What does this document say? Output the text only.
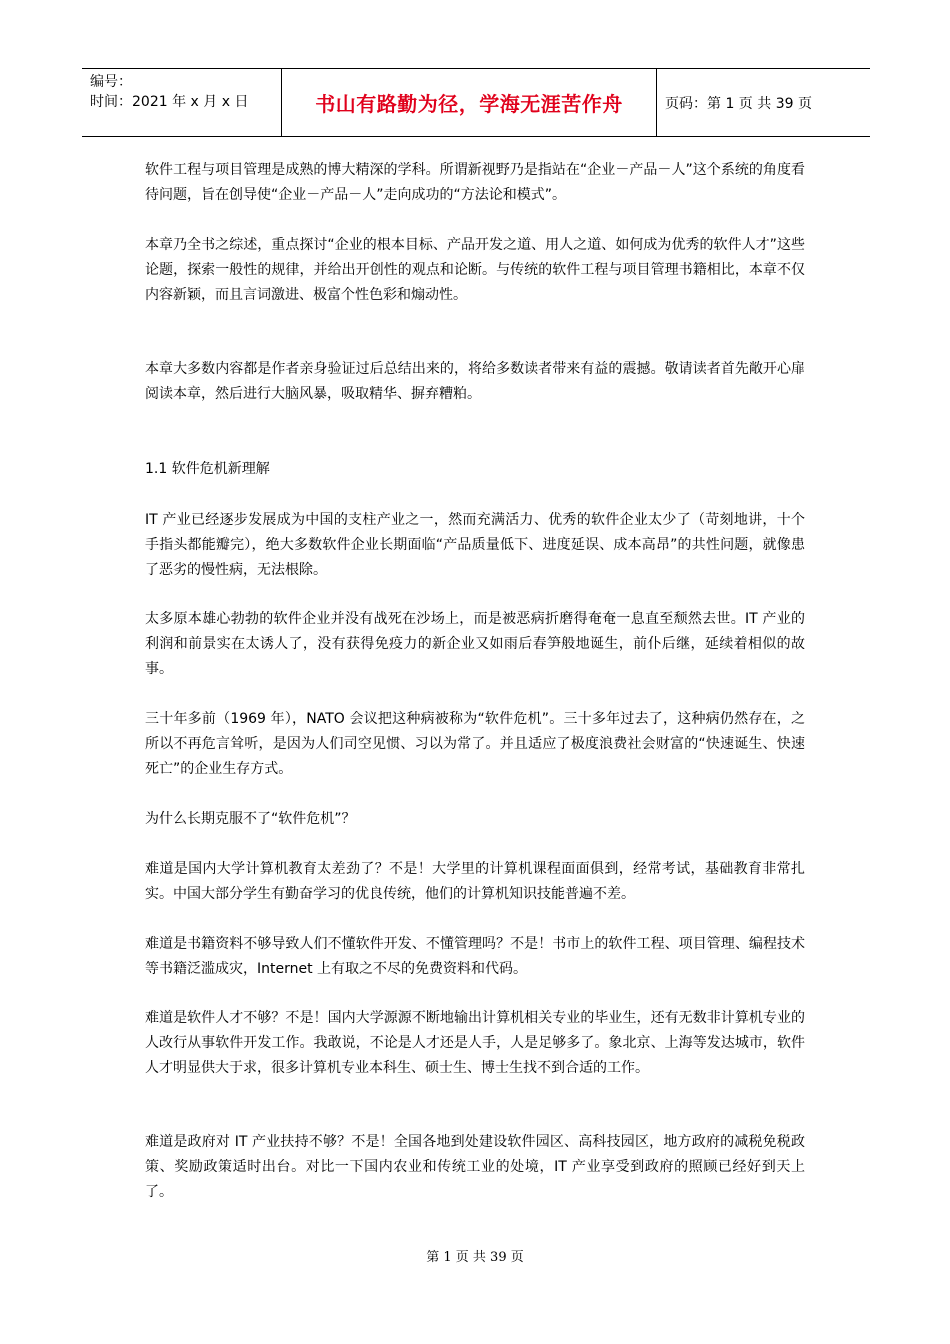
编号：
时间：2021 年 x 月 x 日	书山有路勤为径，学海无涯苦作舟	页码：第 1 页 共 39 页
软件工程与项目管理是成熟的博大精深的学科。所谓新视野乃是指站在“企业－产品－人”这个系统的角度看待问题，旨在创导使“企业－产品－人”走向成功的“方法论和模式”。
本章乃全书之综述，重点探讨“企业的根本目标、产品开发之道、用人之道、如何成为优秀的软件人才”这些论题，探索一般性的规律，并给出开创性的观点和论断。与传统的软件工程与项目管理书籍相比，本章不仅内容新颖，而且言词激进、极富个性色彩和煽动性。
本章大多数内容都是作者亲身验证过后总结出来的，将给多数读者带来有益的震撼。敬请读者首先敞开心扉阅读本章，然后进行大脑风暴，吸取精华、摒弃糟粕。
1.1 软件危机新理解
IT 产业已经逐步发展成为中国的支柱产业之一，然而充满活力、优秀的软件企业太少了（苛刻地讲，十个手指头都能瓣完），绝大多数软件企业长期面临“产品质量低下、进度延误、成本高昂”的共性问题，就像患了恶劣的慢性病，无法根除。
太多原本雄心勃勃的软件企业并没有战死在沙场上，而是被恶病折磨得奄奄一息直至颓然去世。IT 产业的利润和前景实在太诱人了，没有获得免疫力的新企业又如雨后春笋般地诞生，前仆后继，延续着相似的故事。
三十年多前（1969 年），NATO 会议把这种病被称为“软件危机”。三十多年过去了，这种病仍然存在，之所以不再危言耸听，是因为人们司空见惯、习以为常了。并且适应了极度浪费社会财富的“快速诞生、快速死亡”的企业生存方式。
为什么长期克服不了“软件危机”？
难道是国内大学计算机教育太差劲了？不是！大学里的计算机课程面面俱到，经常考试，基础教育非常扎实。中国大部分学生有勤奋学习的优良传统，他们的计算机知识技能普遍不差。
难道是书籍资料不够导致人们不懂软件开发、不懂管理吗？不是！书市上的软件工程、项目管理、编程技术等书籍泛滥成灾，Internet 上有取之不尽的免费资料和代码。
难道是软件人才不够？不是！国内大学源源不断地输出计算机相关专业的毕业生，还有无数非计算机专业的人改行从事软件开发工作。我敢说，不论是人才还是人手，人是足够多了。象北京、上海等发达城市，软件人才明显供大于求，很多计算机专业本科生、硕士生、博士生找不到合适的工作。
难道是政府对 IT 产业扶持不够？不是！全国各地到处建设软件园区、高科技园区，地方政府的减税免税政策、奖励政策适时出台。对比一下国内农业和传统工业的处境，IT 产业享受到政府的照顾已经好到天上了。
第 1 页 共 39 页
